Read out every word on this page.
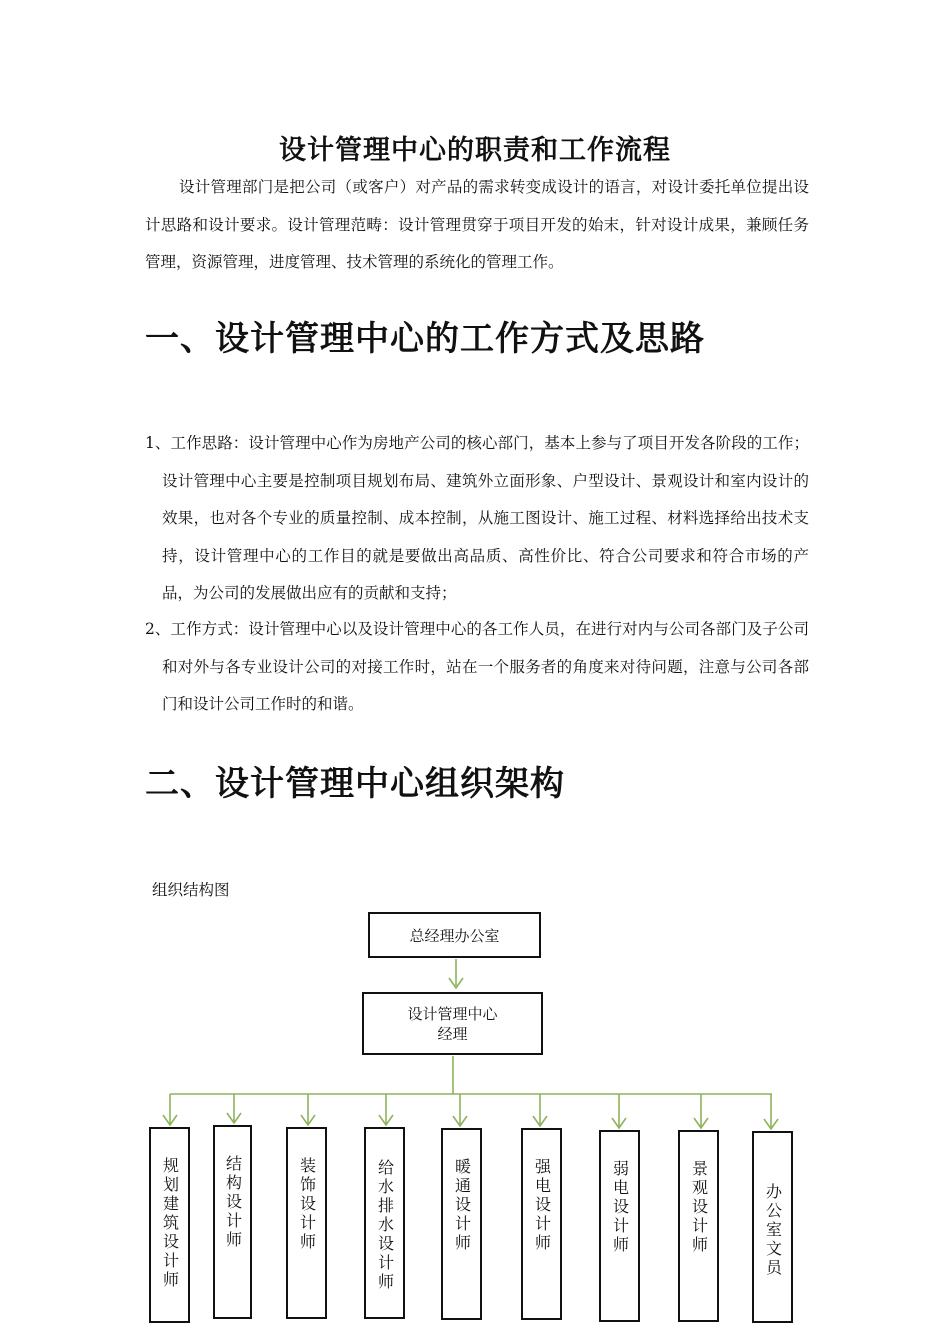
设计管理中心的职责和工作流程

设计管理部门是把公司（或客户）对产品的需求转变成设计的语言，对设计委托单位提出设计思路和设计要求。设计管理范畴：设计管理贯穿于项目开发的始末，针对设计成果，兼顾任务管理，资源管理，进度管理、技术管理的系统化的管理工作。

一、设计管理中心的工作方式及思路

1、工作思路：设计管理中心作为房地产公司的核心部门，基本上参与了项目开发各阶段的工作；设计管理中心主要是控制项目规划布局、建筑外立面形象、户型设计、景观设计和室内设计的效果，也对各个专业的质量控制、成本控制，从施工图设计、施工过程、材料选择给出技术支持，设计管理中心的工作目的就是要做出高品质、高性价比、符合公司要求和符合市场的产品，为公司的发展做出应有的贡献和支持；

2、工作方式：设计管理中心以及设计管理中心的各工作人员，在进行对内与公司各部门及子公司和对外与各专业设计公司的对接工作时，站在一个服务者的角度来对待问题，注意与公司各部门和设计公司工作时的和谐。

二、设计管理中心组织架构

组织结构图

总经理办公室
设计管理中心
经理
规划建筑设计师	结构设计师	装饰设计师	给水排水设计师	暖通设计师	强电设计师	弱电设计师	景观设计师	办公室文员
